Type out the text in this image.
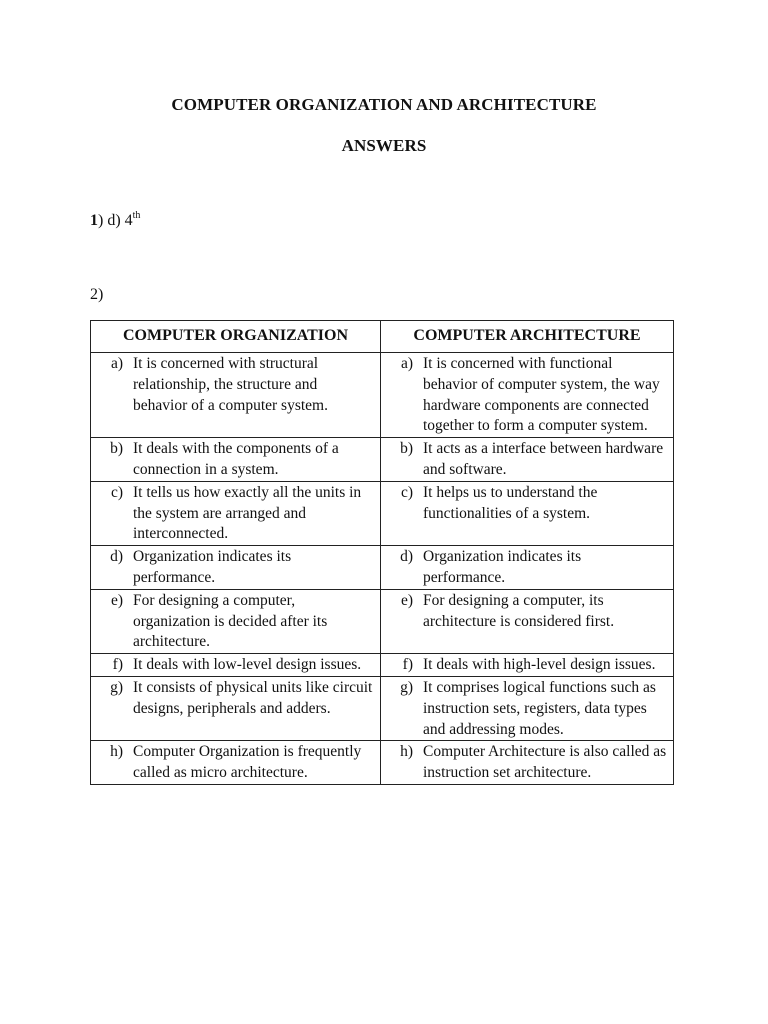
COMPUTER ORGANIZATION AND ARCHITECTURE
ANSWERS
1) d) 4th
2)
COMPUTER ORGANIZATION	COMPUTER ARCHITECTURE

a) It is concerned with structural relationship, the structure and behavior of a computer system.	a) It is concerned with functional behavior of computer system, the way hardware components are connected together to form a computer system.

b) It deals with the components of a connection in a system.	b) It acts as a interface between hardware and software.

c) It tells us how exactly all the units in the system are arranged and interconnected.	c) It helps us to understand the functionalities of a system.

d) Organization indicates its performance.	d) Organization indicates its performance.

e) For designing a computer, organization is decided after its architecture.	e) For designing a computer, its architecture is considered first.

f) It deals with low-level design issues.	f) It deals with high-level design issues.

g) It consists of physical units like circuit designs, peripherals and adders.	g) It comprises logical functions such as instruction sets, registers, data types and addressing modes.

h) Computer Organization is frequently called as micro architecture.	h) Computer Architecture is also called as instruction set architecture.
